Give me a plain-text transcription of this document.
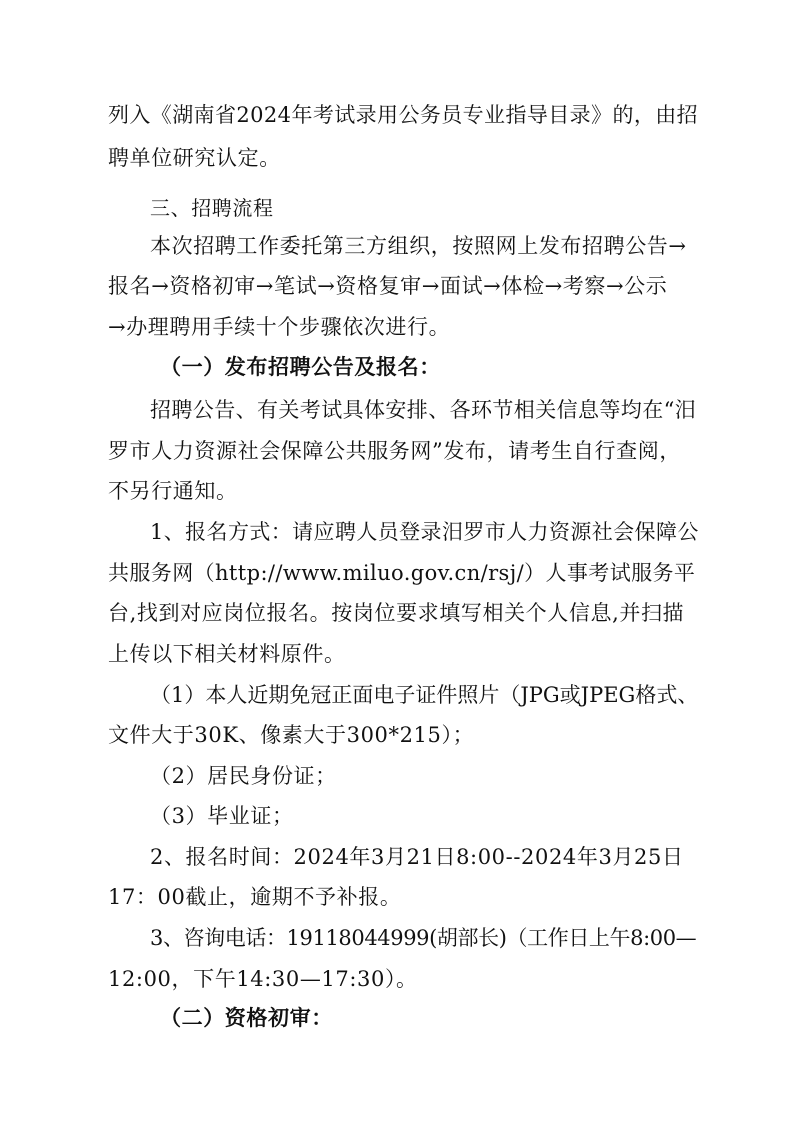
列入《湖南省2024年考试录用公务员专业指导目录》的，由招
聘单位研究认定。
三、招聘流程
本次招聘工作委托第三方组织，按照网上发布招聘公告→
报名→资格初审→笔试→资格复审→面试→体检→考察→公示
→办理聘用手续十个步骤依次进行。
（一）发布招聘公告及报名：
招聘公告、有关考试具体安排、各环节相关信息等均在“汨
罗市人力资源社会保障公共服务网”发布，请考生自行查阅，
不另行通知。
1、报名方式：请应聘人员登录汨罗市人力资源社会保障公
共服务网（http://www.miluo.gov.cn/rsj/）人事考试服务平
台,找到对应岗位报名。按岗位要求填写相关个人信息,并扫描
上传以下相关材料原件。
（1）本人近期免冠正面电子证件照片（JPG或JPEG格式、
文件大于30K、像素大于300*215）；
（2）居民身份证；
（3）毕业证；
2、报名时间：2024年3月21日8:00--2024年3月25日
17：00截止，逾期不予补报。
3、咨询电话：19118044999(胡部长)（工作日上午8:00—
12:00，下午14:30—17:30）。
（二）资格初审：
